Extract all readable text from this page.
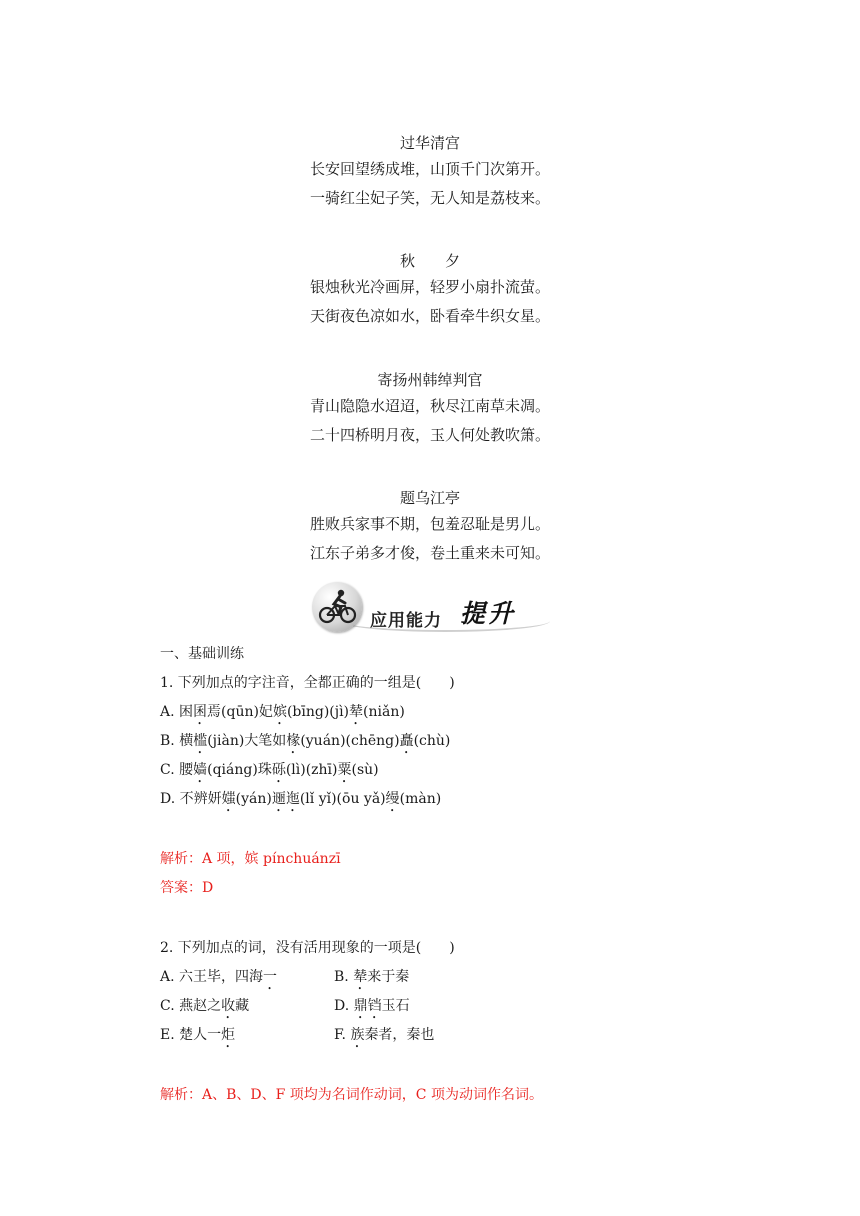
过华清宫
长安回望绣成堆，山顶千门次第开。
一骑红尘妃子笑，无人知是荔枝来。
秋　　夕
银烛秋光冷画屏，轻罗小扇扑流萤。
天街夜色凉如水，卧看牵牛织女星。
寄扬州韩绰判官
青山隐隐水迢迢，秋尽江南草未凋。
二十四桥明月夜，玉人何处教吹箫。
题乌江亭
胜败兵家事不期，包羞忍耻是男儿。
江东子弟多才俊，卷土重来未可知。
应用能力 提升
一、基础训练
1. 下列加点的字注音，全都正确的一组是( )
A. 困囷焉(qūn)妃嫔(bīng)(jì)辇(niǎn)
B. 横槛(jiàn)大笔如椽(yuán)(chēng)矗(chù)
C. 腰嫱(qiáng)珠砾(lì)(zhī)粟(sù)
D. 不辨妍媸(yán)逦迤(lǐ yǐ)(ōu yǎ)缦(màn)
解析：A 项，嫔 pínchuánzī
答案：D
2. 下列加点的词，没有活用现象的一项是( )
A. 六王毕，四海一	B. 辇来于秦
C. 燕赵之收藏	D. 鼎铛玉石
E. 楚人一炬	F. 族秦者，秦也
解析：A、B、D、F 项均为名词作动词，C 项为动词作名词。
